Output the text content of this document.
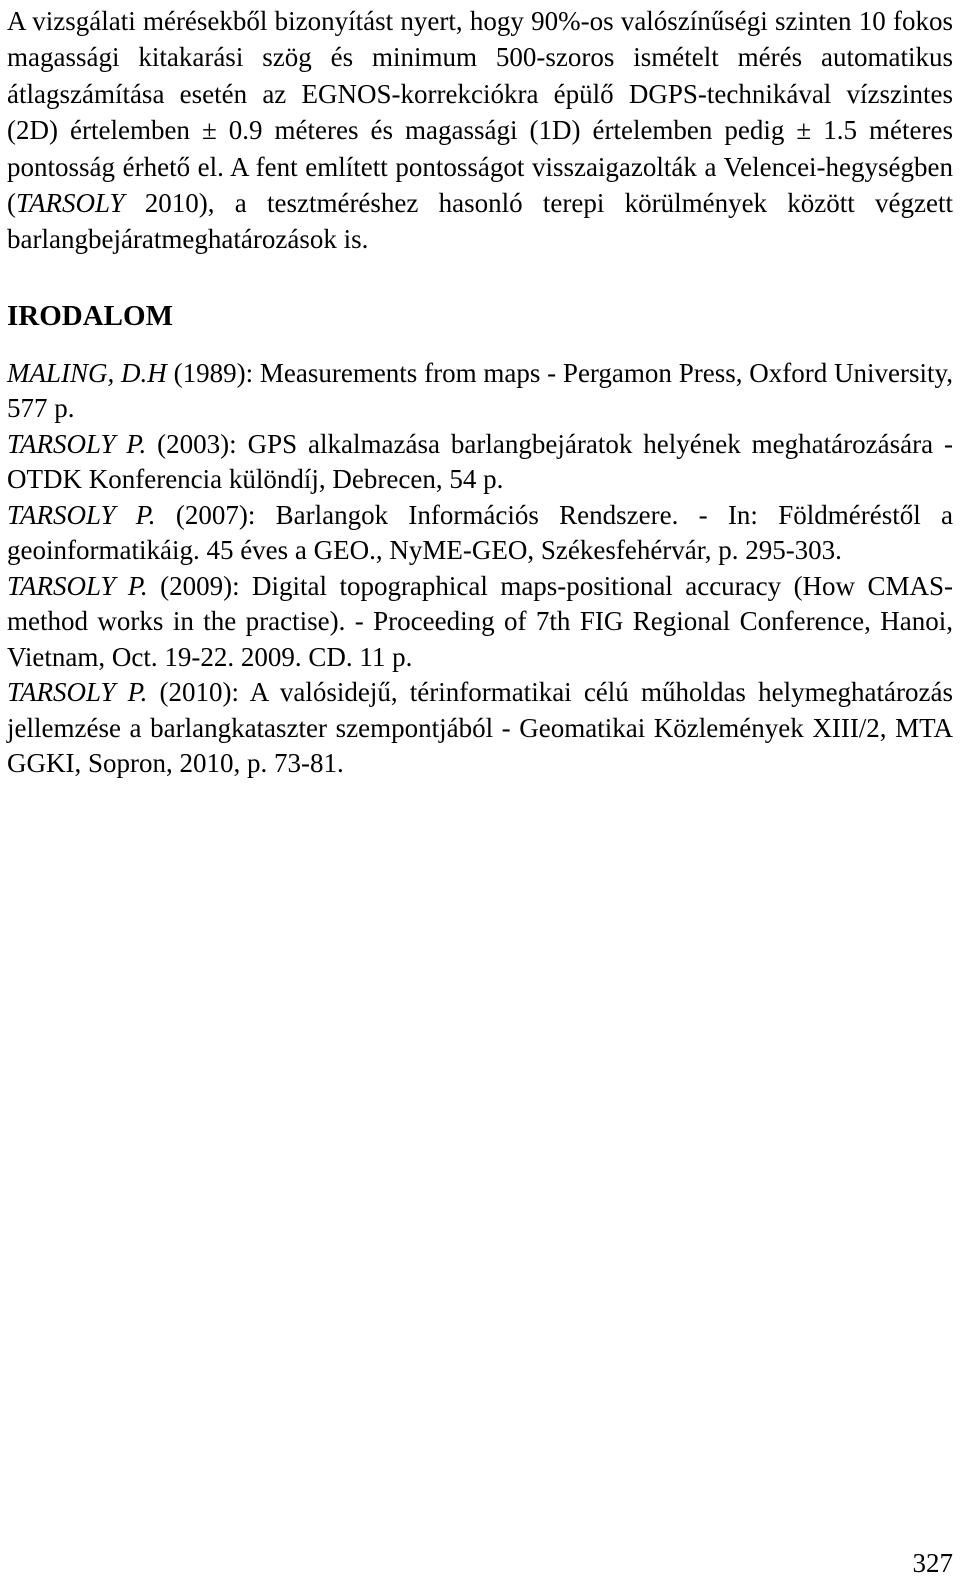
A vizsgálati mérésekből bizonyítást nyert, hogy 90%-os valószínűségi szinten 10 fokos magassági kitakarási szög és minimum 500-szoros ismételt mérés automatikus átlagszámítása esetén az EGNOS-korrekciókra épülő DGPS-technikával vízszintes (2D) értelemben ± 0.9 méteres és magassági (1D) értelemben pedig ± 1.5 méteres pontosság érhető el. A fent említett pontosságot visszaigazolták a Velencei-hegységben (TARSOLY 2010), a tesztméréshez hasonló terepi körülmények között végzett barlangbejáratmeghatározások is.

IRODALOM

MALING, D.H (1989): Measurements from maps - Pergamon Press, Oxford University, 577 p.

TARSOLY P. (2003): GPS alkalmazása barlangbejáratok helyének meghatározására - OTDK Konferencia különdíj, Debrecen, 54 p.

TARSOLY P. (2007): Barlangok Információs Rendszere. - In: Földméréstől a geoinformatikáig. 45 éves a GEO., NyME-GEO, Székesfehérvár, p. 295-303.

TARSOLY P. (2009): Digital topographical maps-positional accuracy (How CMAS-method works in the practise). - Proceeding of 7th FIG Regional Conference, Hanoi, Vietnam, Oct. 19-22. 2009. CD. 11 p.

TARSOLY P. (2010): A valósidejű, térinformatikai célú műholdas helymeghatározás jellemzése a barlangkataszter szempontjából - Geomatikai Közlemények XIII/2, MTA GGKI, Sopron, 2010, p. 73-81.

327
